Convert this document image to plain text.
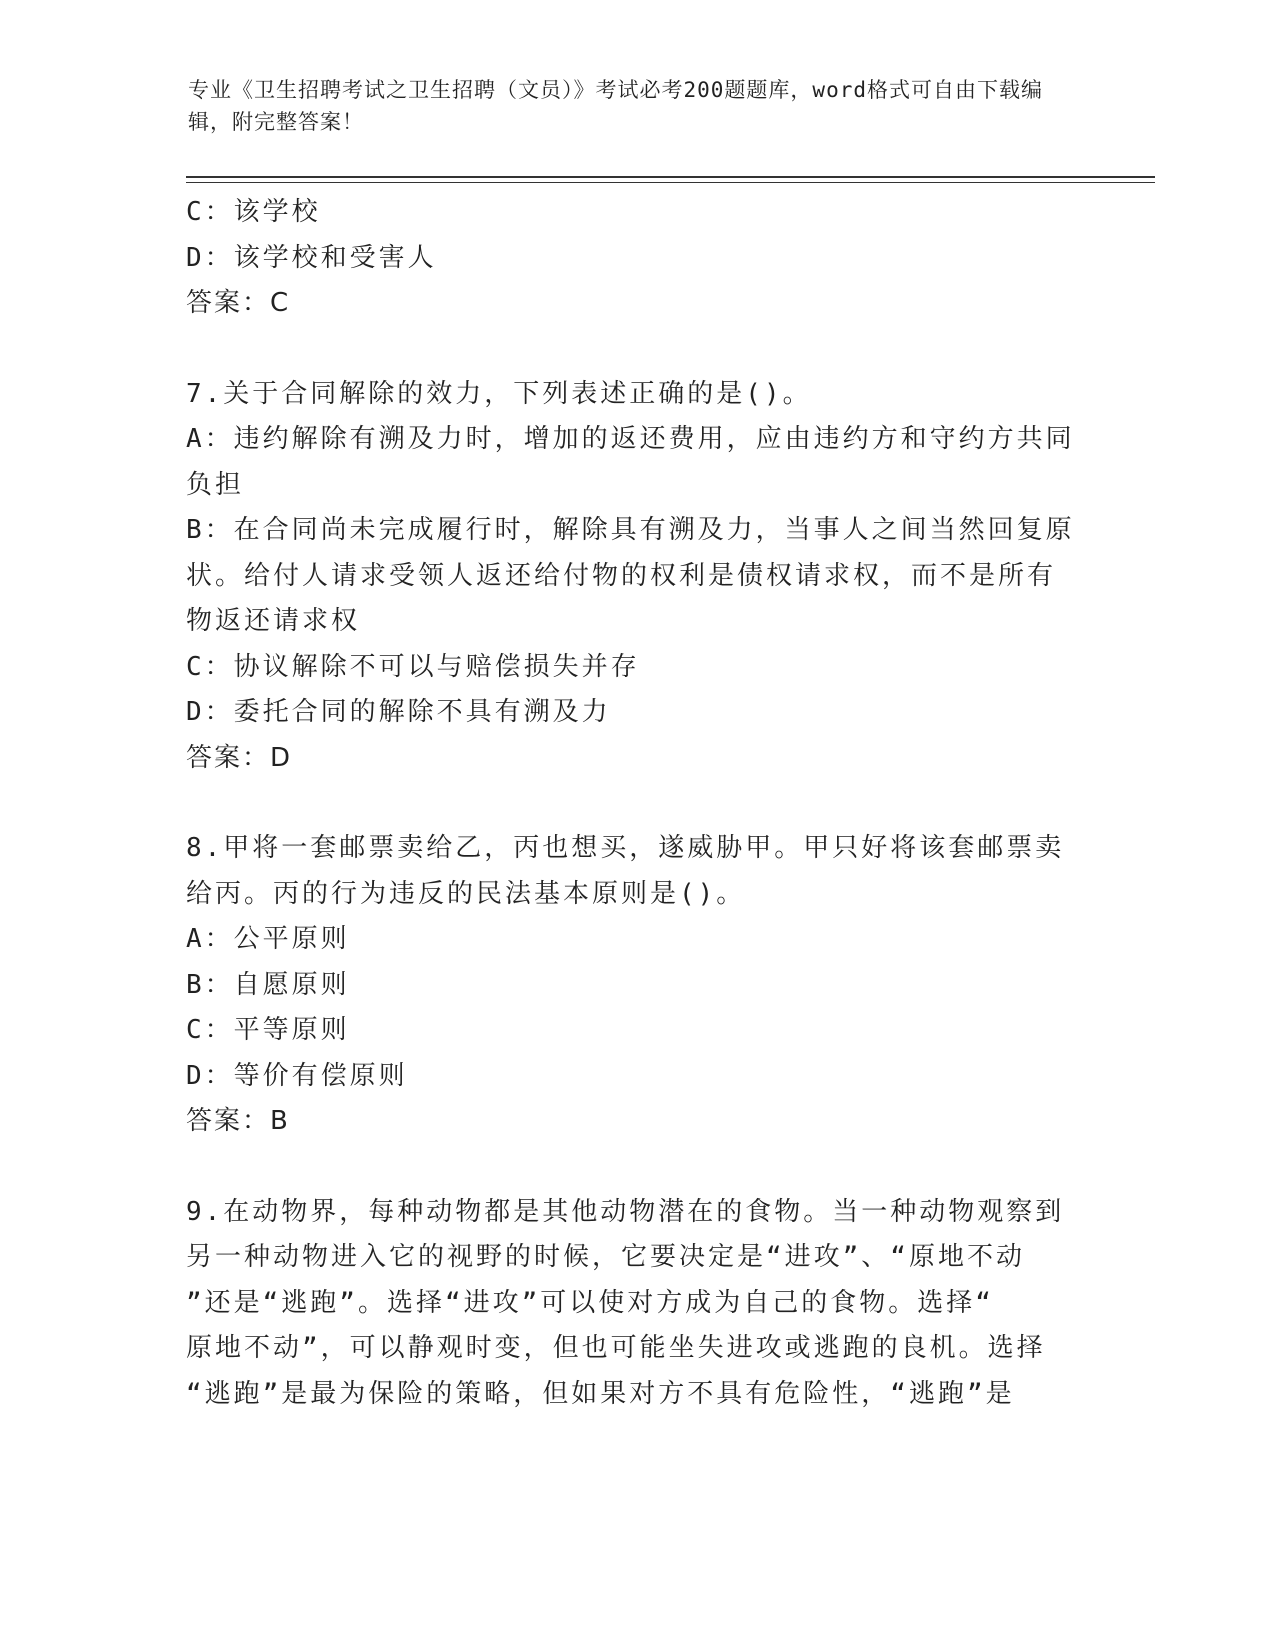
专业《卫生招聘考试之卫生招聘（文员）》考试必考200题题库，word格式可自由下载编辑，附完整答案！
C：该学校
D：该学校和受害人
答案：C
7.关于合同解除的效力，下列表述正确的是()。
A：违约解除有溯及力时，增加的返还费用，应由违约方和守约方共同
负担
B：在合同尚未完成履行时，解除具有溯及力，当事人之间当然回复原
状。给付人请求受领人返还给付物的权利是债权请求权，而不是所有
物返还请求权
C：协议解除不可以与赔偿损失并存
D：委托合同的解除不具有溯及力
答案：D
8.甲将一套邮票卖给乙，丙也想买，遂威胁甲。甲只好将该套邮票卖
给丙。丙的行为违反的民法基本原则是()。
A：公平原则
B：自愿原则
C：平等原则
D：等价有偿原则
答案：B
9.在动物界，每种动物都是其他动物潜在的食物。当一种动物观察到
另一种动物进入它的视野的时候，它要决定是“进攻”、“原地不动
”还是“逃跑”。选择“进攻”可以使对方成为自己的食物。选择“
原地不动”，可以静观时变，但也可能坐失进攻或逃跑的良机。选择
“逃跑”是最为保险的策略，但如果对方不具有危险性，“逃跑”是
